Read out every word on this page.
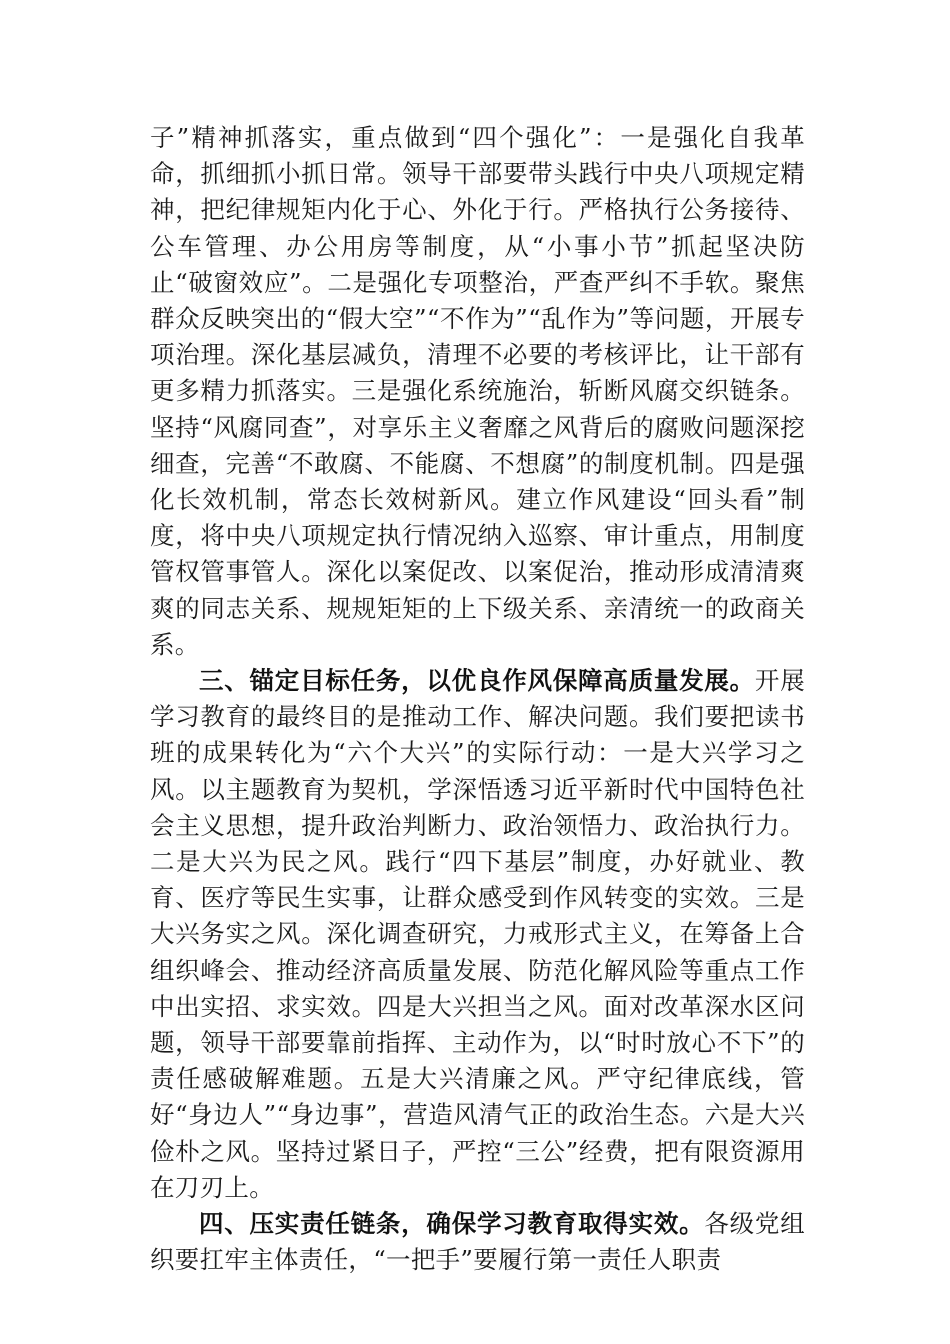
子”精神抓落实，重点做到“四个强化”：一是强化自我革命，抓细抓小抓日常。领导干部要带头践行中央八项规定精神，把纪律规矩内化于心、外化于行。严格执行公务接待、公车管理、办公用房等制度，从“小事小节”抓起坚决防止“破窗效应”。二是强化专项整治，严查严纠不手软。聚焦群众反映突出的“假大空”“不作为”“乱作为”等问题，开展专项治理。深化基层减负，清理不必要的考核评比，让干部有更多精力抓落实。三是强化系统施治，斩断风腐交织链条。坚持“风腐同查”，对享乐主义奢靡之风背后的腐败问题深挖细查，完善“不敢腐、不能腐、不想腐”的制度机制。四是强化长效机制，常态长效树新风。建立作风建设“回头看”制度，将中央八项规定执行情况纳入巡察、审计重点，用制度管权管事管人。深化以案促改、以案促治，推动形成清清爽爽的同志关系、规规矩矩的上下级关系、亲清统一的政商关系。

三、锚定目标任务，以优良作风保障高质量发展。开展学习教育的最终目的是推动工作、解决问题。我们要把读书班的成果转化为“六个大兴”的实际行动：一是大兴学习之风。以主题教育为契机，学深悟透习近平新时代中国特色社会主义思想，提升政治判断力、政治领悟力、政治执行力。二是大兴为民之风。践行“四下基层”制度，办好就业、教育、医疗等民生实事，让群众感受到作风转变的实效。三是大兴务实之风。深化调查研究，力戒形式主义，在筹备上合组织峰会、推动经济高质量发展、防范化解风险等重点工作中出实招、求实效。四是大兴担当之风。面对改革深水区问题，领导干部要靠前指挥、主动作为，以“时时放心不下”的责任感破解难题。五是大兴清廉之风。严守纪律底线，管好“身边人”“身边事”，营造风清气正的政治生态。六是大兴俭朴之风。坚持过紧日子，严控“三公”经费，把有限资源用在刀刃上。

四、压实责任链条，确保学习教育取得实效。各级党组织要扛牢主体责任，“一把手”要履行第一责任人职责
